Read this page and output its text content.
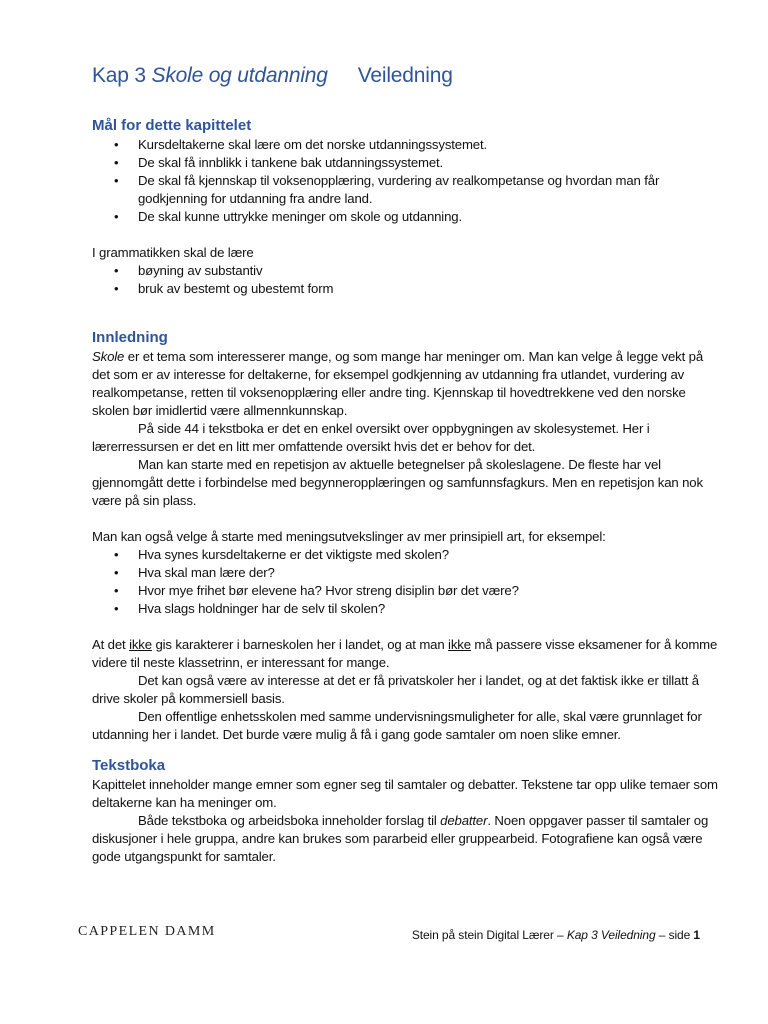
Kap 3 Skole og utdanning Veiledning
Mål for dette kapittelet
• Kursdeltakerne skal lære om det norske utdanningssystemet.
• De skal få innblikk i tankene bak utdanningssystemet.
• De skal få kjennskap til voksenopplæring, vurdering av realkompetanse og hvordan man får godkjenning for utdanning fra andre land.
• De skal kunne uttrykke meninger om skole og utdanning.

I grammatikken skal de lære

• bøyning av substantiv
• bruk av bestemt og ubestemt form
Innledning

Skole er et tema som interesserer mange, og som mange har meninger om. Man kan velge å legge vekt på det som er av interesse for deltakerne, for eksempel godkjenning av utdanning fra utlandet, vurdering av realkompetanse, retten til voksenopplæring eller andre ting. Kjennskap til hovedtrekkene ved den norske skolen bør imidlertid være allmennkunnskap.

På side 44 i tekstboka er det en enkel oversikt over oppbygningen av skolesystemet. Her i lærerressursen er det en litt mer omfattende oversikt hvis det er behov for det.

Man kan starte med en repetisjon av aktuelle betegnelser på skoleslagene. De fleste har vel gjennomgått dette i forbindelse med begynneropplæringen og samfunnsfagkurs. Men en repetisjon kan nok være på sin plass.

Man kan også velge å starte med meningsutvekslinger av mer prinsipiell art, for eksempel:

• Hva synes kursdeltakerne er det viktigste med skolen?
• Hva skal man lære der?
• Hvor mye frihet bør elevene ha? Hvor streng disiplin bør det være?
• Hva slags holdninger har de selv til skolen?

At det ikke gis karakterer i barneskolen her i landet, og at man ikke må passere visse eksamener for å komme videre til neste klassetrinn, er interessant for mange.

Det kan også være av interesse at det er få privatskoler her i landet, og at det faktisk ikke er tillatt å drive skoler på kommersiell basis.

Den offentlige enhetsskolen med samme undervisningsmuligheter for alle, skal være grunnlaget for utdanning her i landet. Det burde være mulig å få i gang gode samtaler om noen slike emner.

Tekstboka

Kapittelet inneholder mange emner som egner seg til samtaler og debatter. Tekstene tar opp ulike temaer som deltakerne kan ha meninger om.

Både tekstboka og arbeidsboka inneholder forslag til debatter. Noen oppgaver passer til samtaler og diskusjoner i hele gruppa, andre kan brukes som pararbeid eller gruppearbeid. Fotografiene kan også være gode utgangspunkt for samtaler.

CAPPELEN DAMM	Stein på stein Digital Lærer – Kap 3 Veiledning – side 1
